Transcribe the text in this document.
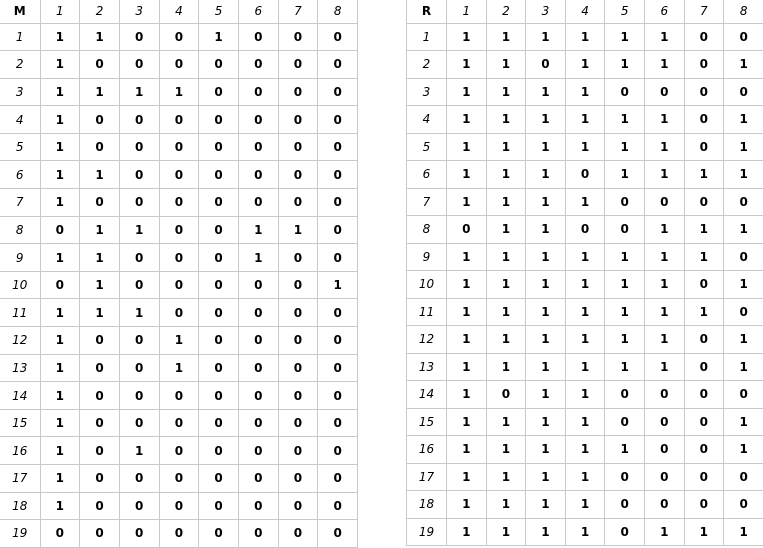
M	1	2	3	4	5	6	7	8
1	1	1	0	0	1	0	0	0
2	1	0	0	0	0	0	0	0
3	1	1	1	1	0	0	0	0
4	1	0	0	0	0	0	0	0
5	1	0	0	0	0	0	0	0
6	1	1	0	0	0	0	0	0
7	1	0	0	0	0	0	0	0
8	0	1	1	0	0	1	1	0
9	1	1	0	0	0	1	0	0
10	0	1	0	0	0	0	0	1
11	1	1	1	0	0	0	0	0
12	1	0	0	1	0	0	0	0
13	1	0	0	1	0	0	0	0
14	1	0	0	0	0	0	0	0
15	1	0	0	0	0	0	0	0
16	1	0	1	0	0	0	0	0
17	1	0	0	0	0	0	0	0
18	1	0	0	0	0	0	0	0
19	0	0	0	0	0	0	0	0
R	1	2	3	4	5	6	7	8
1	1	1	1	1	1	1	0	0
2	1	1	0	1	1	1	0	1
3	1	1	1	1	0	0	0	0
4	1	1	1	1	1	1	0	1
5	1	1	1	1	1	1	0	1
6	1	1	1	0	1	1	1	1
7	1	1	1	1	0	0	0	0
8	0	1	1	0	0	1	1	1
9	1	1	1	1	1	1	1	0
10	1	1	1	1	1	1	0	1
11	1	1	1	1	1	1	1	0
12	1	1	1	1	1	1	0	1
13	1	1	1	1	1	1	0	1
14	1	0	1	1	0	0	0	0
15	1	1	1	1	0	0	0	1
16	1	1	1	1	1	0	0	1
17	1	1	1	1	0	0	0	0
18	1	1	1	1	0	0	0	0
19	1	1	1	1	0	1	1	1
